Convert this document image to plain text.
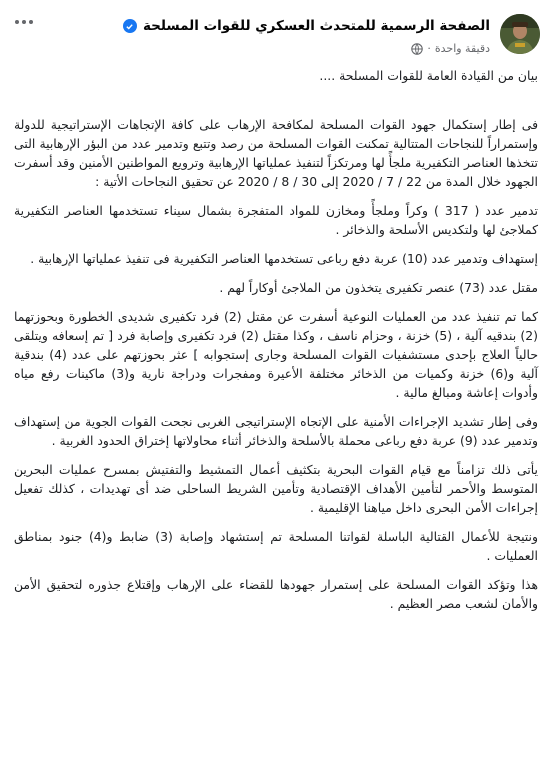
الصفحة الرسمية للمتحدث العسكري للقوات المسلحة
دقيقة واحدة
·

بيان من القيادة العامة للقوات المسلحة ....

فى إطار إستكمال جهود القوات المسلحة لمكافحة الإرهاب على كافة الإتجاهات الإستراتيجية للدولة وإستمراراً للنجاحات المتتالية تمكنت القوات المسلحة من رصد وتتبع وتدمير عدد من البؤر الإرهابية التى تتخذها العناصر التكفيرية ملجأً لها ومرتكزاً لتنفيذ عملياتها الإرهابية وترويع المواطنين الأمنين وقد أسفرت الجهود خلال المدة من 22 / 7 / 2020 إلى 30 / 8 / 2020 عن تحقيق النجاحات الأتية :

تدمير عدد ( 317 ) وكراً وملجأً ومخازن للمواد المتفجرة بشمال سيناء تستخدمها العناصر التكفيرية كملاجئ لها ولتكديس الأسلحة والذخائر .

إستهداف وتدمير عدد (10) عربة دفع رباعى تستخدمها العناصر التكفيرية فى تنفيذ عملياتها الإرهابية .

مقتل عدد (73) عنصر تكفيرى يتخذون من الملاجئ أوكاراً لهم .

كما تم تنفيذ عدد من العمليات النوعية أسفرت عن مقتل (2) فرد تكفيرى شديدى الخطورة وبحوزتهما (2) بندقيه آلية ، (5) خزنة ، وحزام ناسف ، وكذا مقتل (2) فرد تكفيرى وإصابة فرد [ تم إسعافه ويتلقى حالياً العلاج بإحدى مستشفيات القوات المسلحة وجارى إستجوابه ] عثر بحوزتهم على عدد (4) بندقية آلية و(6) خزنة وكميات من الذخائر مختلفة الأعيرة ومفجرات ودراجة نارية و(3) ماكينات رفع مياه وأدوات إعاشة ومبالغ مالية .

وفى إطار تشديد الإجراءات الأمنية على الإتجاه الإستراتيجى الغربى نجحت القوات الجوية من إستهداف وتدمير عدد (9) عربة دفع رباعى محملة بالأسلحة والذخائر أثناء محاولاتها إختراق الحدود الغربية .

يأتى ذلك تزامناً مع قيام القوات البحرية بتكثيف أعمال التمشيط والتفتيش بمسرح عمليات البحرين المتوسط والأحمر لتأمين الأهداف الإقتصادية وتأمين الشريط الساحلى ضد أى تهديدات ، كذلك تفعيل إجراءات الأمن البحرى داخل مياهنا الإقليمية .

ونتيجة للأعمال القتالية الباسلة لقواتنا المسلحة تم إستشهاد وإصابة (3) ضابط و(4) جنود بمناطق العمليات .

هذا وتؤكد القوات المسلحة على إستمرار جهودها للقضاء على الإرهاب وإقتلاع جذوره لتحقيق الأمن والأمان لشعب مصر العظيم .
